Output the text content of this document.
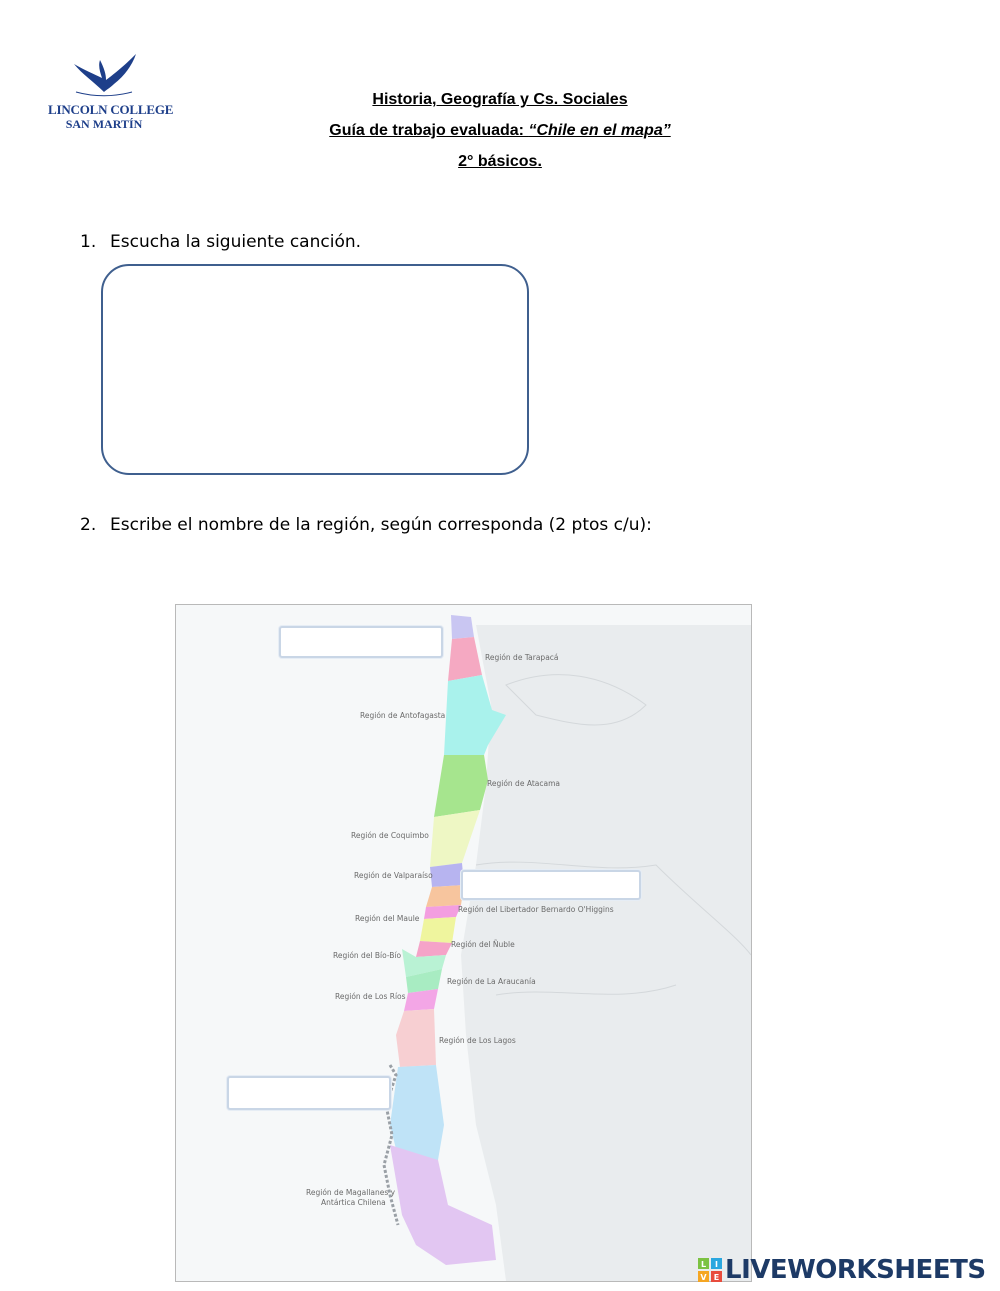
LINCOLN COLLEGE
SAN MARTÍN
Historia, Geografía y Cs. Sociales
Guía de trabajo evaluada: “Chile en el mapa”
2° básicos.
1. Escucha la siguiente canción.
2. Escribe el nombre de la región, según corresponda (2 ptos c/u):
Región de Tarapacá
Región de Antofagasta
Región de Atacama
Región de Coquimbo
Región de Valparaíso
Región del Libertador Bernardo O'Higgins
Región del Maule
Región del Ñuble
Región del Bío-Bío
Región de La Araucanía
Región de Los Ríos
Región de Los Lagos
Región de Magallanes y
Antártica Chilena
L I
V E LIVEWORKSHEETS
